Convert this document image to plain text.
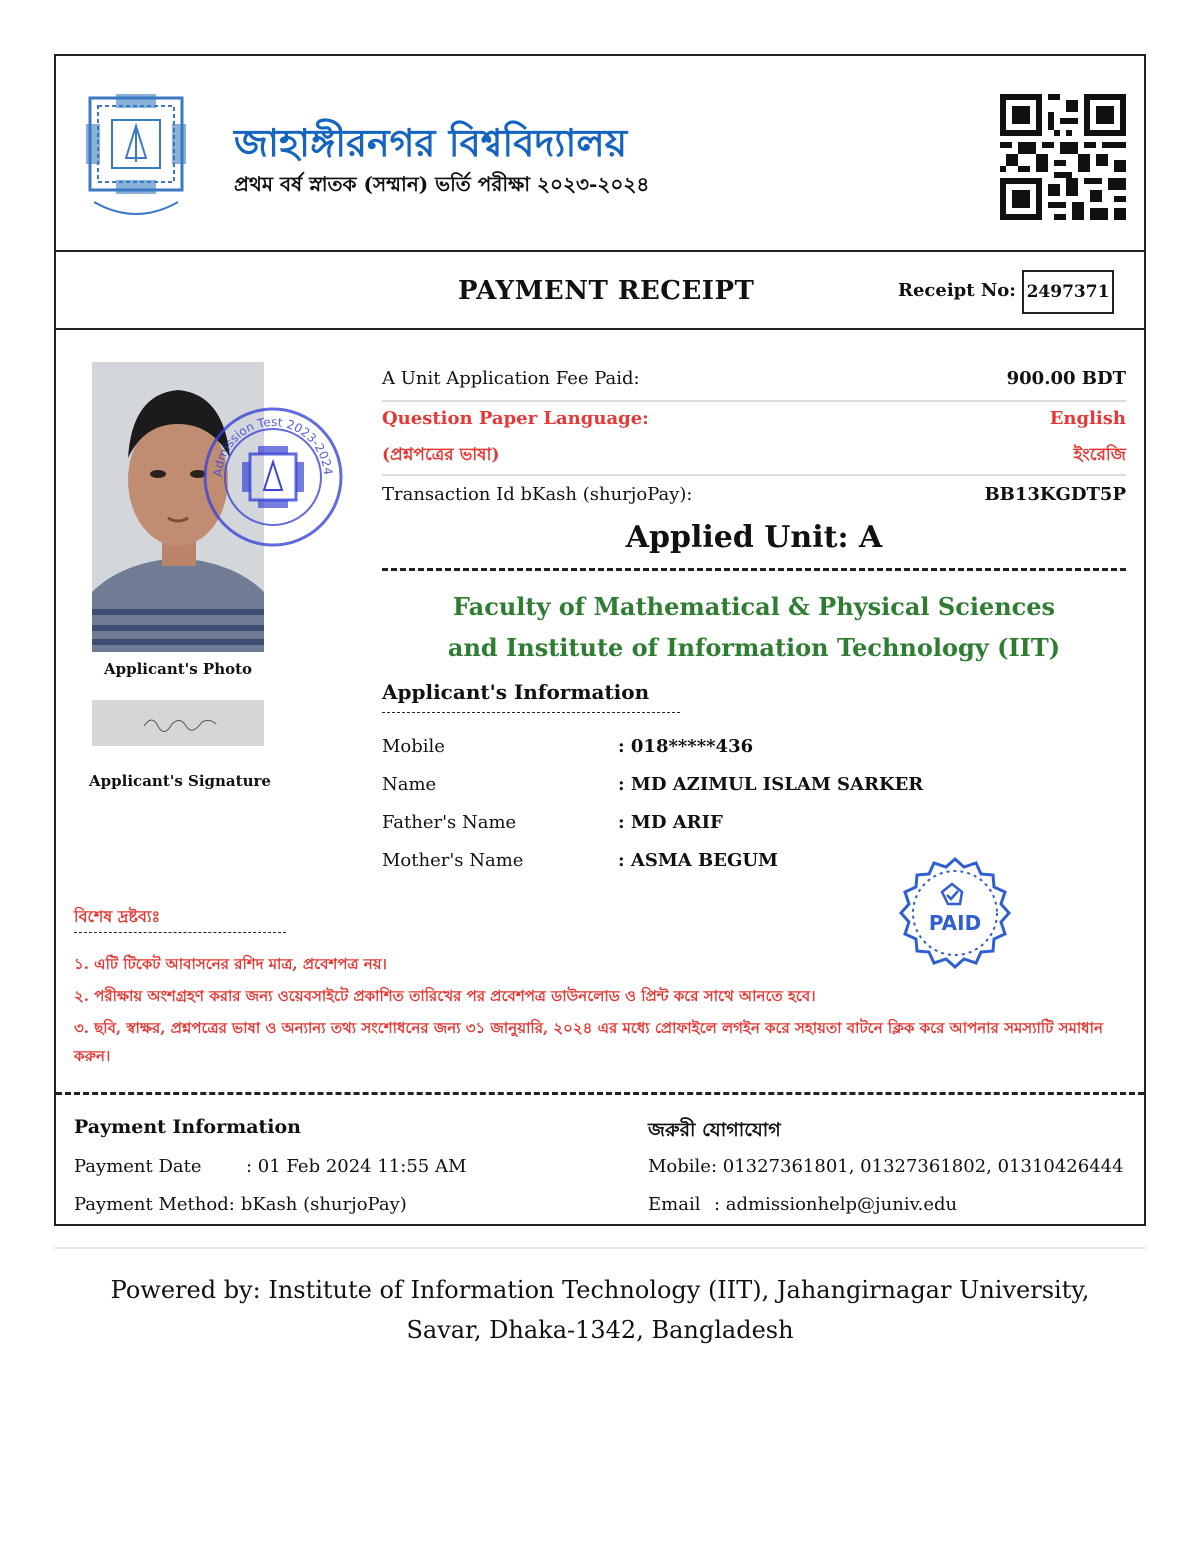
জাহাঙ্গীরনগর বিশ্ববিদ্যালয়
প্রথম বর্ষ স্নাতক (সম্মান) ভর্তি পরীক্ষা ২০২৩-২০২৪
PAYMENT RECEIPT	Receipt No: 2497371
Admission Test 2023-2024
Applicant's Photo
Applicant's Signature
A Unit Application Fee Paid:	900.00 BDT
Question Paper Language:	English
(প্রশ্নপত্রের ভাষা)	ইংরেজি
Transaction Id bKash (shurjoPay):	BB13KGDT5P
Applied Unit: A
Faculty of Mathematical & Physical Sciences
and Institute of Information Technology (IIT)
Applicant's Information
Mobile	: 018*****436
Name	: MD AZIMUL ISLAM SARKER
Father's Name	: MD ARIF
Mother's Name	: ASMA BEGUM
PAID
বিশেষ দ্রষ্টব্যঃ
১. এটি টিকেট আবাসনের রশিদ মাত্র, প্রবেশপত্র নয়।
২. পরীক্ষায় অংশগ্রহণ করার জন্য ওয়েবসাইটে প্রকাশিত তারিখের পর প্রবেশপত্র ডাউনলোড ও প্রিন্ট করে সাথে আনতে হবে।
৩. ছবি, স্বাক্ষর, প্রশ্নপত্রের ভাষা ও অন্যান্য তথ্য সংশোধনের জন্য ৩১ জানুয়ারি, ২০২৪ এর মধ্যে প্রোফাইলে লগইন করে সহায়তা বাটনে ক্লিক করে আপনার সমস্যাটি সমাধান করুন।
Payment Information
Payment Date : 01 Feb 2024 11:55 AM
Payment Method: bKash (shurjoPay)
জরুরী যোগাযোগ
Mobile: 01327361801, 01327361802, 01310426444
Email : admissionhelp@juniv.edu
Powered by: Institute of Information Technology (IIT), Jahangirnagar University,
Savar, Dhaka-1342, Bangladesh
